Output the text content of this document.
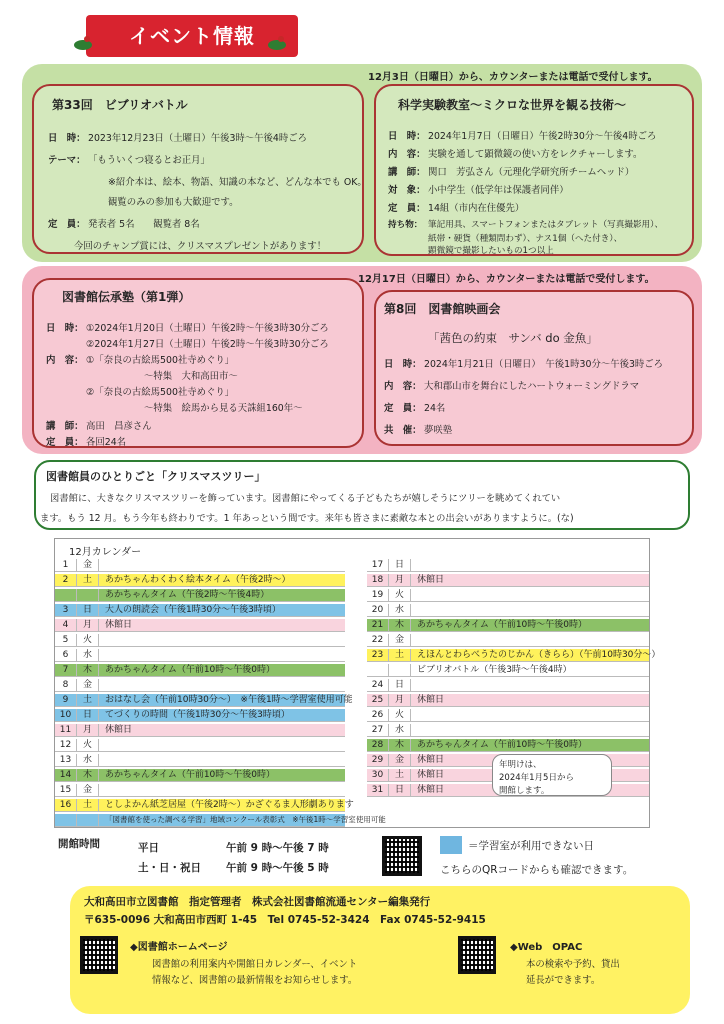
イベント情報
12月3日（日曜日）から、カウンターまたは電話で受付します。
第33回　ビブリオバトル
日　時： 2023年12月23日（土曜日）午後3時〜午後4時ごろ
テーマ： 「もういくつ寝るとお正月」
※紹介本は、絵本、物語、知識の本など、どんな本でも OK。
観覧のみの参加も大歓迎です。
定　員： 発表者 5名　　観覧者 8名
今回のチャンプ賞には、クリスマスプレゼントがあります！
科学実験教室〜ミクロな世界を観る技術〜
日　時： 2024年1月7日（日曜日）午後2時30分〜午後4時ごろ
内　容： 実験を通して顕微鏡の使い方をレクチャーします。
講　師： 関口　芳弘さん（元理化学研究所チームヘッド）
対　象： 小中学生（低学年は保護者同伴）
定　員： 14組（市内在住優先）
持ち物： 筆記用具、スマートフォンまたはタブレット（写真撮影用）、
紙帯・硬貨（種類問わず）、ナス1個（へた付き）、
顕微鏡で撮影したいもの1つ以上
12月17日（日曜日）から、カウンターまたは電話で受付します。
図書館伝承塾（第1弾）
日　時： ①2024年1月20日（土曜日）午後2時〜午後3時30分ごろ
②2024年1月27日（土曜日）午後2時〜午後3時30分ごろ
内　容： ①「奈良の古絵馬500社寺めぐり」
〜特集　大和高田市〜
②「奈良の古絵馬500社寺めぐり」
〜特集　絵馬から見る天誅組160年〜
講　師： 高田　昌彦さん
定　員： 各回24名
第8回　図書館映画会
「茜色の約束　サンバ do 金魚」
日　時： 2024年1月21日（日曜日）　午後1時30分〜午後3時ごろ
内　容： 大和郡山市を舞台にしたハートウォーミングドラマ
定　員： 24名
共　催： 夢咲塾
図書館員のひとりごと「クリスマスツリー」
図書館に、大きなクリスマスツリーを飾っています。図書館にやってくる子どもたちが嬉しそうにツリーを眺めてくれてい
ます。もう 12 月。もう今年も終わりです。1 年あっという間です。来年も皆さまに素敵な本との出会いがありますように。(な)
12月カレンダー
1	金
2	土	あかちゃんわくわく絵本タイム（午後2時〜）
あかちゃんタイム（午後2時〜午後4時）
3	日	大人の朗読会（午後1時30分〜午後3時頃）
4	月	休館日
5	火
6	水
7	木	あかちゃんタイム（午前10時〜午後0時）
8	金
9	土	おはなし会（午前10時30分〜）　※午後1時〜学習室使用可能
10	日	てづくりの時間（午後1時30分〜午後3時頃）
11	月	休館日
12	火
13	水
14	木	あかちゃんタイム（午前10時〜午後0時）
15	金
16	土	としよかん紙芝居屋（午後2時〜）かざぐるま人形劇あります
「図書館を使った調べる学習」地域コンクール表彰式　※午後1時〜学習室使用可能
17	日
18	月	休館日
19	火
20	水
21	木	あかちゃんタイム（午前10時〜午後0時）
22	金
23	土	えほんとわらべうたのじかん（きらら）（午前10時30分〜）
ビブリオバトル（午後3時〜午後4時）
24	日
25	月	休館日
26	火
27	水
28	木	あかちゃんタイム（午前10時〜午後0時）
29	金	休館日
30	土	休館日
31	日	休館日
年明けは、
2024年1月5日から
開館します。
開館時間	平日	午前 9 時〜午後 7 時
土・日・祝日 午前 9 時〜午後 5 時
＝学習室が利用できない日
こちらのQRコードからも確認できます。
大和高田市立図書館　指定管理者　株式会社図書館流通センター編集発行
〒635-0096 大和高田市西町 1-45　Tel 0745-52-3424　Fax 0745-52-9415
◆図書館ホームページ
図書館の利用案内や開館日カレンダー、イベント
情報など、図書館の最新情報をお知らせします。
◆Web　OPAC
本の検索や予約、貸出
延長ができます。
